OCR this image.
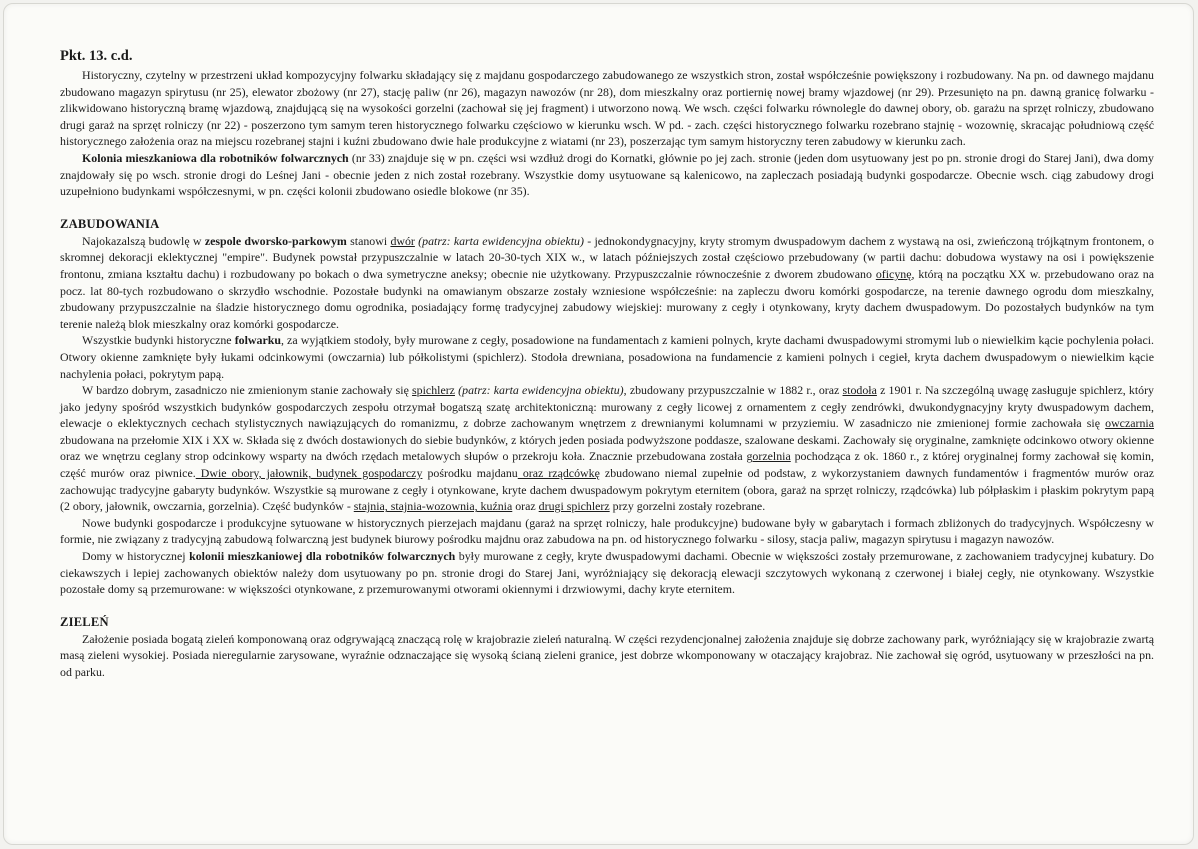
Pkt. 13. c.d.

Historyczny, czytelny w przestrzeni układ kompozycyjny folwarku składający się z majdanu gospodarczego zabudowanego ze wszystkich stron, został współcześnie powiększony i rozbudowany. Na pn. od dawnego majdanu zbudowano magazyn spirytusu (nr 25), elewator zbożowy (nr 27), stację paliw (nr 26), magazyn nawozów (nr 28), dom mieszkalny oraz portiernię nowej bramy wjazdowej (nr 29). Przesunięto na pn. dawną granicę folwarku - zlikwidowano historyczną bramę wjazdową, znajdującą się na wysokości gorzelni (zachował się jej fragment) i utworzono nową. We wsch. części folwarku równolegle do dawnej obory, ob. garażu na sprzęt rolniczy, zbudowano drugi garaż na sprzęt rolniczy (nr 22) - poszerzono tym samym teren historycznego folwarku częściowo w kierunku wsch. W pd. - zach. części historycznego folwarku rozebrano stajnię - wozownię, skracając południową część historycznego założenia oraz na miejscu rozebranej stajni i kuźni zbudowano dwie hale produkcyjne z wiatami (nr 23), poszerzając tym samym historyczny teren zabudowy w kierunku zach.

Kolonia mieszkaniowa dla robotników folwarcznych (nr 33) znajduje się w pn. części wsi wzdłuż drogi do Kornatki, głównie po jej zach. stronie (jeden dom usytuowany jest po pn. stronie drogi do Starej Jani), dwa domy znajdowały się po wsch. stronie drogi do Leśnej Jani - obecnie jeden z nich został rozebrany. Wszystkie domy usytuowane są kalenicowo, na zapleczach posiadają budynki gospodarcze. Obecnie wsch. ciąg zabudowy drogi uzupełniono budynkami współczesnymi, w pn. części kolonii zbudowano osiedle blokowe (nr 35).

ZABUDOWANIA

Najokazalszą budowlę w zespole dworsko-parkowym stanowi dwór (patrz: karta ewidencyjna obiektu) - jednokondygnacyjny, kryty stromym dwuspadowym dachem z wystawą na osi, zwieńczoną trójkątnym frontonem, o skromnej dekoracji eklektycznej "empire". Budynek powstał przypuszczalnie w latach 20-30-tych XIX w., w latach późniejszych został częściowo przebudowany (w partii dachu: dobudowa wystawy na osi i powiększenie frontonu, zmiana kształtu dachu) i rozbudowany po bokach o dwa symetryczne aneksy; obecnie nie użytkowany. Przypuszczalnie równocześnie z dworem zbudowano oficynę, którą na początku XX w. przebudowano oraz na pocz. lat 80-tych rozbudowano o skrzydło wschodnie. Pozostałe budynki na omawianym obszarze zostały wzniesione współcześnie: na zapleczu dworu komórki gospodarcze, na terenie dawnego ogrodu dom mieszkalny, zbudowany przypuszczalnie na śladzie historycznego domu ogrodnika, posiadający formę tradycyjnej zabudowy wiejskiej: murowany z cegły i otynkowany, kryty dachem dwuspadowym. Do pozostałych budynków na tym terenie należą blok mieszkalny oraz komórki gospodarcze.

Wszystkie budynki historyczne folwarku, za wyjątkiem stodoły, były murowane z cegły, posadowione na fundamentach z kamieni polnych, kryte dachami dwuspadowymi stromymi lub o niewielkim kącie pochylenia połaci. Otwory okienne zamknięte były łukami odcinkowymi (owczarnia) lub półkolistymi (spichlerz). Stodoła drewniana, posadowiona na fundamencie z kamieni polnych i cegieł, kryta dachem dwuspadowym o niewielkim kącie nachylenia połaci, pokrytym papą.

W bardzo dobrym, zasadniczo nie zmienionym stanie zachowały się spichlerz (patrz: karta ewidencyjna obiektu), zbudowany przypuszczalnie w 1882 r., oraz stodoła z 1901 r. Na szczególną uwagę zasługuje spichlerz, który jako jedyny spośród wszystkich budynków gospodarczych zespołu otrzymał bogatszą szatę architektoniczną: murowany z cegły licowej z ornamentem z cegły zendrówki, dwukondygnacyjny kryty dwuspadowym dachem, elewacje o eklektycznych cechach stylistycznych nawiązujących do romanizmu, z dobrze zachowanym wnętrzem z drewnianymi kolumnami w przyziemiu. W zasadniczo nie zmienionej formie zachowała się owczarnia zbudowana na przełomie XIX i XX w. Składa się z dwóch dostawionych do siebie budynków, z których jeden posiada podwyższone poddasze, szalowane deskami. Zachowały się oryginalne, zamknięte odcinkowo otwory okienne oraz we wnętrzu ceglany strop odcinkowy wsparty na dwóch rzędach metalowych słupów o przekroju koła. Znacznie przebudowana została gorzelnia pochodząca z ok. 1860 r., z której oryginalnej formy zachował się komin, część murów oraz piwnice. Dwie obory, jałownik, budynek gospodarczy pośrodku majdanu oraz rządcówkę zbudowano niemal zupełnie od podstaw, z wykorzystaniem dawnych fundamentów i fragmentów murów oraz zachowując tradycyjne gabaryty budynków. Wszystkie są murowane z cegły i otynkowane, kryte dachem dwuspadowym pokrytym eternitem (obora, garaż na sprzęt rolniczy, rządcówka) lub półpłaskim i płaskim pokrytym papą (2 obory, jałownik, owczarnia, gorzelnia). Część budynków - stajnia, stajnia-wozownia, kuźnia oraz drugi spichlerz przy gorzelni zostały rozebrane.

Nowe budynki gospodarcze i produkcyjne sytuowane w historycznych pierzejach majdanu (garaż na sprzęt rolniczy, hale produkcyjne) budowane były w gabarytach i formach zbliżonych do tradycyjnych. Współczesny w formie, nie związany z tradycyjną zabudową folwarczną jest budynek biurowy pośrodku majdnu oraz zabudowa na pn. od historycznego folwarku - silosy, stacja paliw, magazyn spirytusu i magazyn nawozów.

Domy w historycznej kolonii mieszkaniowej dla robotników folwarcznych były murowane z cegły, kryte dwuspadowymi dachami. Obecnie w większości zostały przemurowane, z zachowaniem tradycyjnej kubatury. Do ciekawszych i lepiej zachowanych obiektów należy dom usytuowany po pn. stronie drogi do Starej Jani, wyróżniający się dekoracją elewacji szczytowych wykonaną z czerwonej i białej cegły, nie otynkowany. Wszystkie pozostałe domy są przemurowane: w większości otynkowane, z przemurowanymi otworami okiennymi i drzwiowymi, dachy kryte eternitem.

ZIELEŃ

Założenie posiada bogatą zieleń komponowaną oraz odgrywającą znaczącą rolę w krajobrazie zieleń naturalną. W części rezydencjonalnej założenia znajduje się dobrze zachowany park, wyróżniający się w krajobrazie zwartą masą zieleni wysokiej. Posiada nieregularnie zarysowane, wyraźnie odznaczające się wysoką ścianą zieleni granice, jest dobrze wkomponowany w otaczający krajobraz. Nie zachował się ogród, usytuowany w przeszłości na pn. od parku.
